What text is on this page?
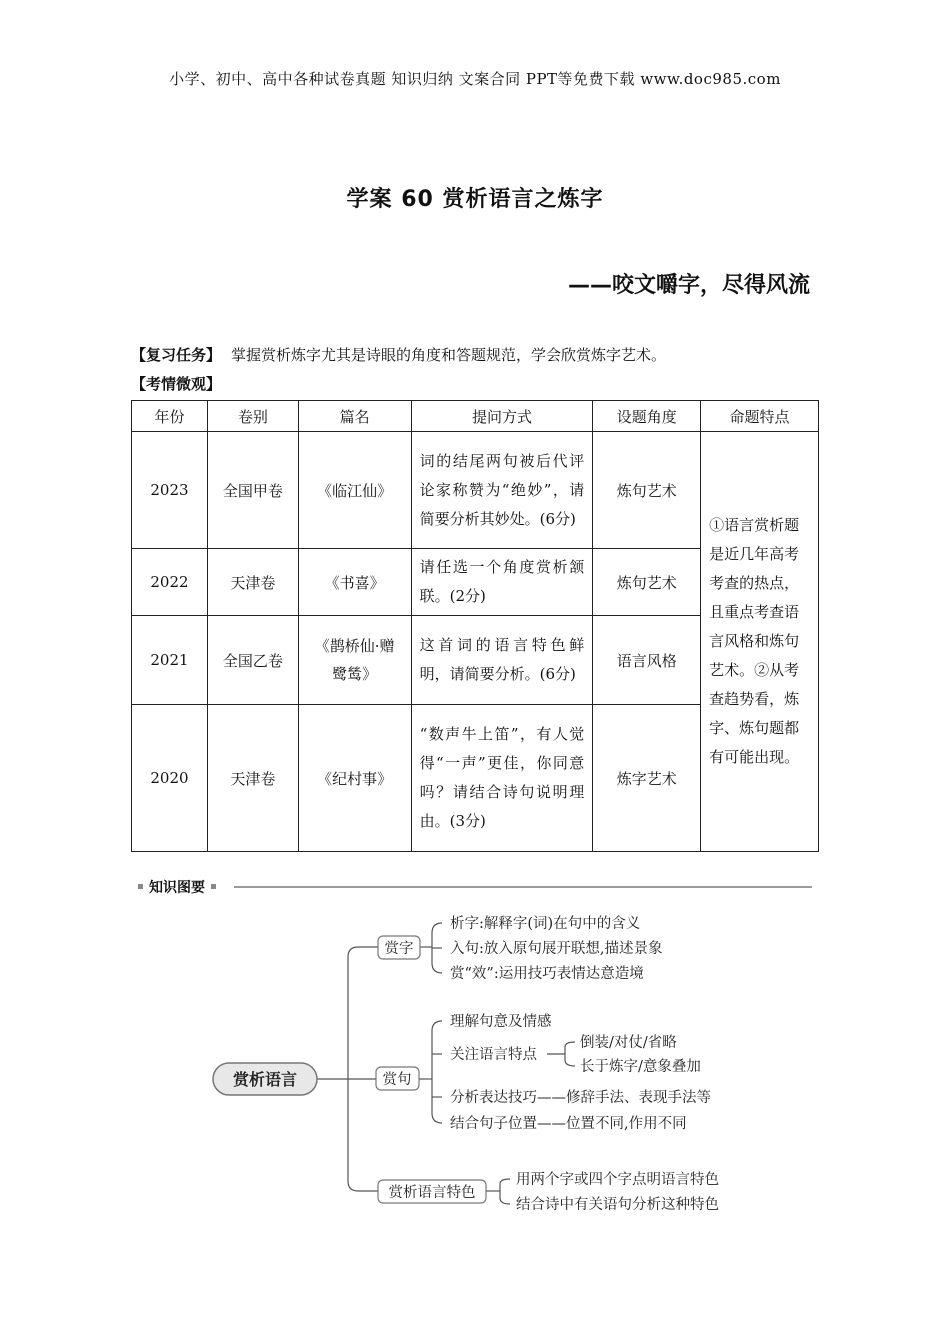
小学、初中、高中各种试卷真题 知识归纳 文案合同 PPT等免费下载 www.doc985.com
学案 60 赏析语言之炼字
——咬文嚼字，尽得风流
【复习任务】 掌握赏析炼字尤其是诗眼的角度和答题规范，学会欣赏炼字艺术。
【考情微观】
年份	卷别	篇名	提问方式	设题角度	命题特点
2023	全国甲卷	《临江仙》	词的结尾两句被后代评论家称赞为“绝妙”，请简要分析其妙处。(6分)	炼句艺术	①语言赏析题是近几年高考考查的热点，且重点考查语言风格和炼句艺术。②从考查趋势看，炼字、炼句题都有可能出现。
2022	天津卷	《书喜》	请任选一个角度赏析颔联。(2分)	炼句艺术	
2021	全国乙卷	《鹊桥仙·赠鹭鸶》	这首词的语言特色鲜明，请简要分析。(6分)	语言风格	
2020	天津卷	《纪村事》	“数声牛上笛”，有人觉得“一声”更佳，你同意吗？请结合诗句说明理由。(3分)	炼字艺术	
知识图要
赏析语言
赏字
赏句
赏析语言特色
析字:解释字(词)在句中的含义
入句:放入原句展开联想,描述景象
赏“效”:运用技巧表情达意造境
理解句意及情感
关注语言特点
倒装/对仗/省略
长于炼字/意象叠加
分析表达技巧——修辞手法、表现手法等
结合句子位置——位置不同,作用不同
用两个字或四个字点明语言特色
结合诗中有关语句分析这种特色
